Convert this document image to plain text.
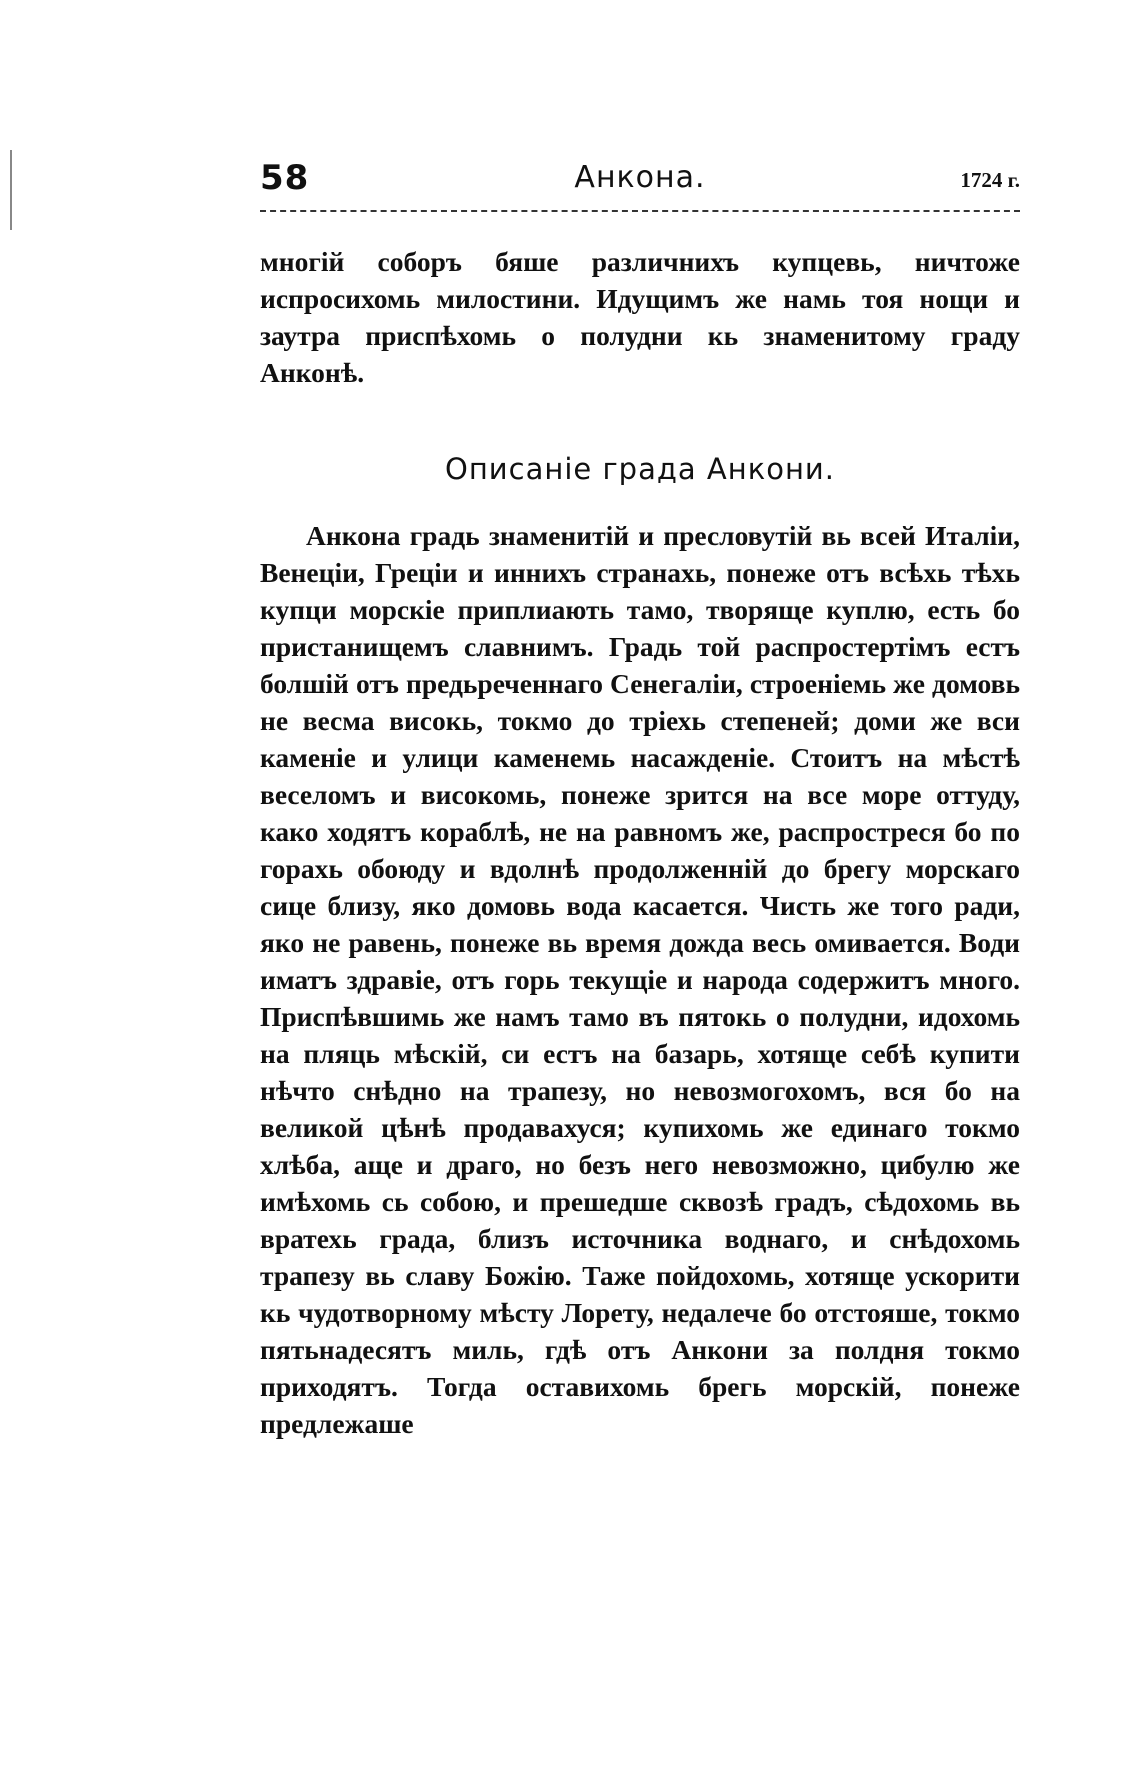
58	Анкона.	1724 г.

многій соборъ бяше различнихъ купцевь, ничтоже испросихомь милостини. Идущимъ же намь тоя нощи и заутра приспѣхомь о полудни кь знаменитому граду Анконѣ.

Описаніе града Анкони.

Анкона градь знаменитій и пресловутій вь всей Италіи, Венеціи, Греціи и иннихъ странахь, понеже отъ всѣхь тѣхь купци морскіе приплиають тамо, творяще куплю, есть бо пристанищемъ славнимъ. Градь той распростертімъ естъ болшій отъ предьреченнаго Сенегаліи, строеніемь же домовь не весма високь, токмо до тріехь степеней; доми же вси каменіе и улици каменемь насажденіе. Стоитъ на мѣстѣ веселомъ и високомь, понеже зрится на все море оттуду, како ходятъ кораблѣ, не на равномъ же, распростреся бо по горахь обоюду и вдолнѣ продолженній до брегу морскаго сице близу, яко домовь вода касается. Чисть же того ради, яко не равень, понеже вь время дождa весь омивается. Води иматъ здравіе, отъ горь текущіе и народа содержитъ много. Приспѣвшимь же намъ тамо въ пятокь о полудни, идохомь на пляць мѣскій, си естъ на базарь, хотяще себѣ купити нѣчто снѣдно на трапезу, но невозмогохомъ, вся бо на великой цѣнѣ продавахуся; купихомь же единаго токмо хлѣба, аще и драго, но безъ него невозможно, цибулю же имѣхомь сь собою, и прешедше сквозѣ градъ, сѣдохомь вь вратехь града, близъ источника воднаго, и снѣдохомь трапезу вь славу Божію. Таже пойдохомь, хотяще ускорити кь чудотворному мѣсту Лорету, недалече бо отстояше, токмо пятьнадесятъ миль, гдѣ отъ Анкони за полдня токмо приходятъ. Тогда оставихомь брегь морскій, понеже предлежаше
